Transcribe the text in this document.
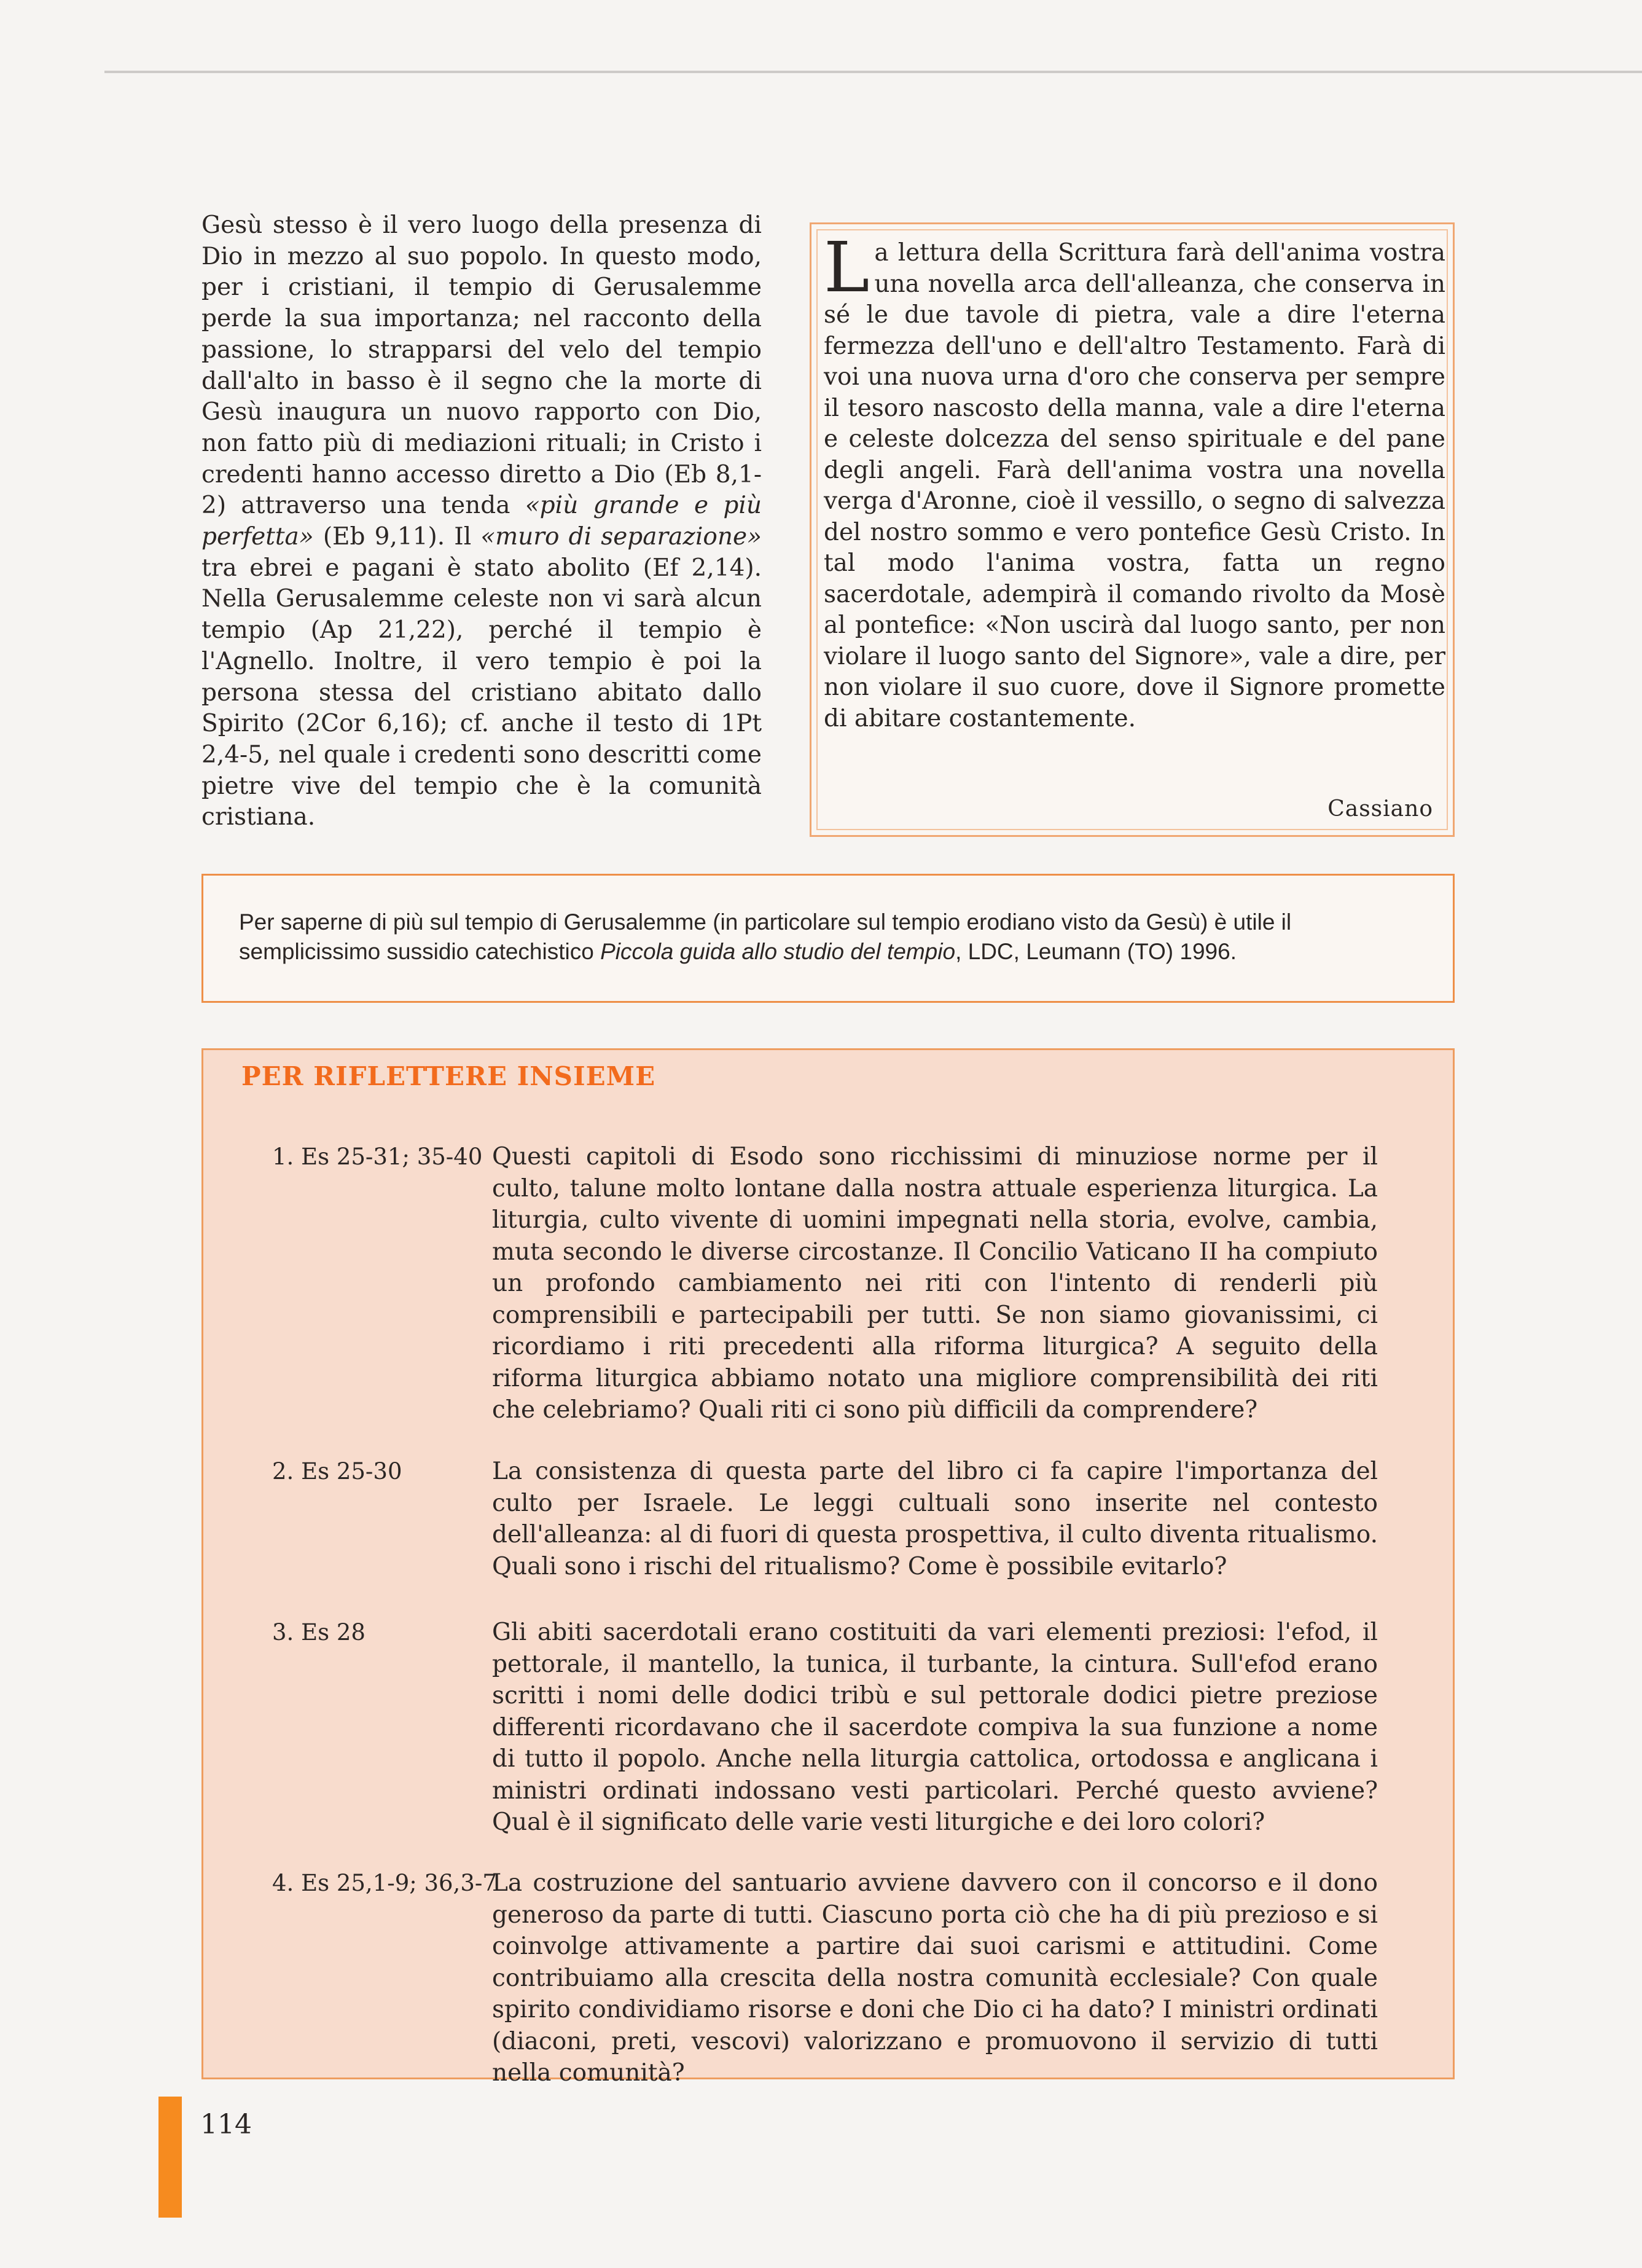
Gesù stesso è il vero luogo della presenza di Dio in mezzo al suo popolo. In questo modo, per i cristiani, il tempio di Gerusalemme perde la sua importanza; nel racconto della passione, lo strapparsi del velo del tempio dall'alto in basso è il segno che la morte di Gesù inaugura un nuovo rapporto con Dio, non fatto più di mediazioni rituali; in Cristo i credenti hanno accesso diretto a Dio (Eb 8,1-2) attraverso una tenda «più grande e più perfetta» (Eb 9,11). Il «muro di separazione» tra ebrei e pagani è stato abolito (Ef 2,14). Nella Gerusalemme celeste non vi sarà alcun tempio (Ap 21,22), perché il tempio è l'Agnello. Inoltre, il vero tempio è poi la persona stessa del cristiano abitato dallo Spirito (2Cor 6,16); cf. anche il testo di 1Pt 2,4-5, nel quale i credenti sono descritti come pietre vive del tempio che è la comunità cristiana.

La lettura della Scrittura farà dell'anima vostra una novella arca dell'alleanza, che conserva in sé le due tavole di pietra, vale a dire l'eterna fermezza dell'uno e dell'altro Testamento. Farà di voi una nuova urna d'oro che conserva per sempre il tesoro nascosto della manna, vale a dire l'eterna e celeste dolcezza del senso spirituale e del pane degli angeli. Farà dell'anima vostra una novella verga d'Aronne, cioè il vessillo, o segno di salvezza del nostro sommo e vero pontefice Gesù Cristo. In tal modo l'anima vostra, fatta un regno sacerdotale, adempirà il comando rivolto da Mosè al pontefice: «Non uscirà dal luogo santo, per non violare il luogo santo del Signore», vale a dire, per non violare il suo cuore, dove il Signore promette di abitare costantemente.

Cassiano
Per saperne di più sul tempio di Gerusalemme (in particolare sul tempio erodiano visto da Gesù) è utile il semplicissimo sussidio catechistico Piccola guida allo studio del tempio, LDC, Leumann (TO) 1996.
PER RIFLETTERE INSIEME
1. Es 25-31; 35-40 Questi capitoli di Esodo sono ricchissimi di minuziose norme per il culto, talune molto lontane dalla nostra attuale esperienza liturgica. La liturgia, culto vivente di uomini impegnati nella storia, evolve, cambia, muta secondo le diverse circostanze. Il Concilio Vaticano II ha compiuto un profondo cambiamento nei riti con l'intento di renderli più comprensibili e partecipabili per tutti. Se non siamo giovanissimi, ci ricordiamo i riti precedenti alla riforma liturgica? A seguito della riforma liturgica abbiamo notato una migliore comprensibilità dei riti che celebriamo? Quali riti ci sono più difficili da comprendere?
2. Es 25-30	La consistenza di questa parte del libro ci fa capire l'importanza del culto per Israele. Le leggi cultuali sono inserite nel contesto dell'alleanza: al di fuori di questa prospettiva, il culto diventa ritualismo. Quali sono i rischi del ritualismo? Come è possibile evitarlo?
3. Es 28	Gli abiti sacerdotali erano costituiti da vari elementi preziosi: l'efod, il pettorale, il mantello, la tunica, il turbante, la cintura. Sull'efod erano scritti i nomi delle dodici tribù e sul pettorale dodici pietre preziose differenti ricordavano che il sacerdote compiva la sua funzione a nome di tutto il popolo. Anche nella liturgia cattolica, ortodossa e anglicana i ministri ordinati indossano vesti particolari. Perché questo avviene? Qual è il significato delle varie vesti liturgiche e dei loro colori?
4. Es 25,1-9; 36,3-7
La costruzione del santuario avviene davvero con il concorso e il dono generoso da parte di tutti. Ciascuno porta ciò che ha di più prezioso e si coinvolge attivamente a partire dai suoi carismi e attitudini. Come contribuiamo alla crescita della nostra comunità ecclesiale? Con quale spirito condividiamo risorse e doni che Dio ci ha dato? I ministri ordinati (diaconi, preti, vescovi) valorizzano e promuovono il servizio di tutti nella comunità?
114
